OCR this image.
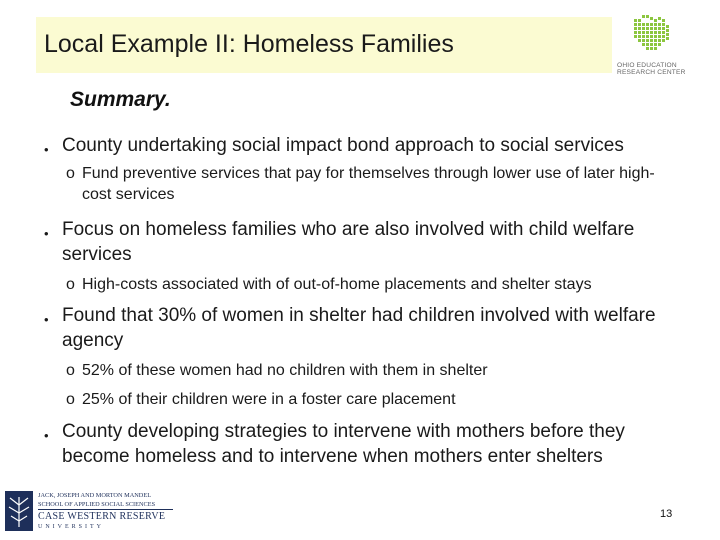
Local Example II: Homeless Families
OHIO EDUCATION
RESEARCH CENTER
Summary.
• County undertaking social impact bond approach to social services
o Fund preventive services that pay for themselves through lower use of later high-cost services
• Focus on homeless families who are also involved with child welfare services
o High-costs associated with of out-of-home placements and shelter stays
• Found that 30% of women in shelter had children involved with welfare agency
o 52% of these women had no children with them in shelter
o 25% of their children were in a foster care placement
• County developing strategies to intervene with mothers before they become homeless and to intervene when mothers enter shelters
JACK, JOSEPH AND MORTON MANDEL
SCHOOL OF APPLIED SOCIAL SCIENCES
CASE WESTERN RESERVE
UNIVERSITY
13
